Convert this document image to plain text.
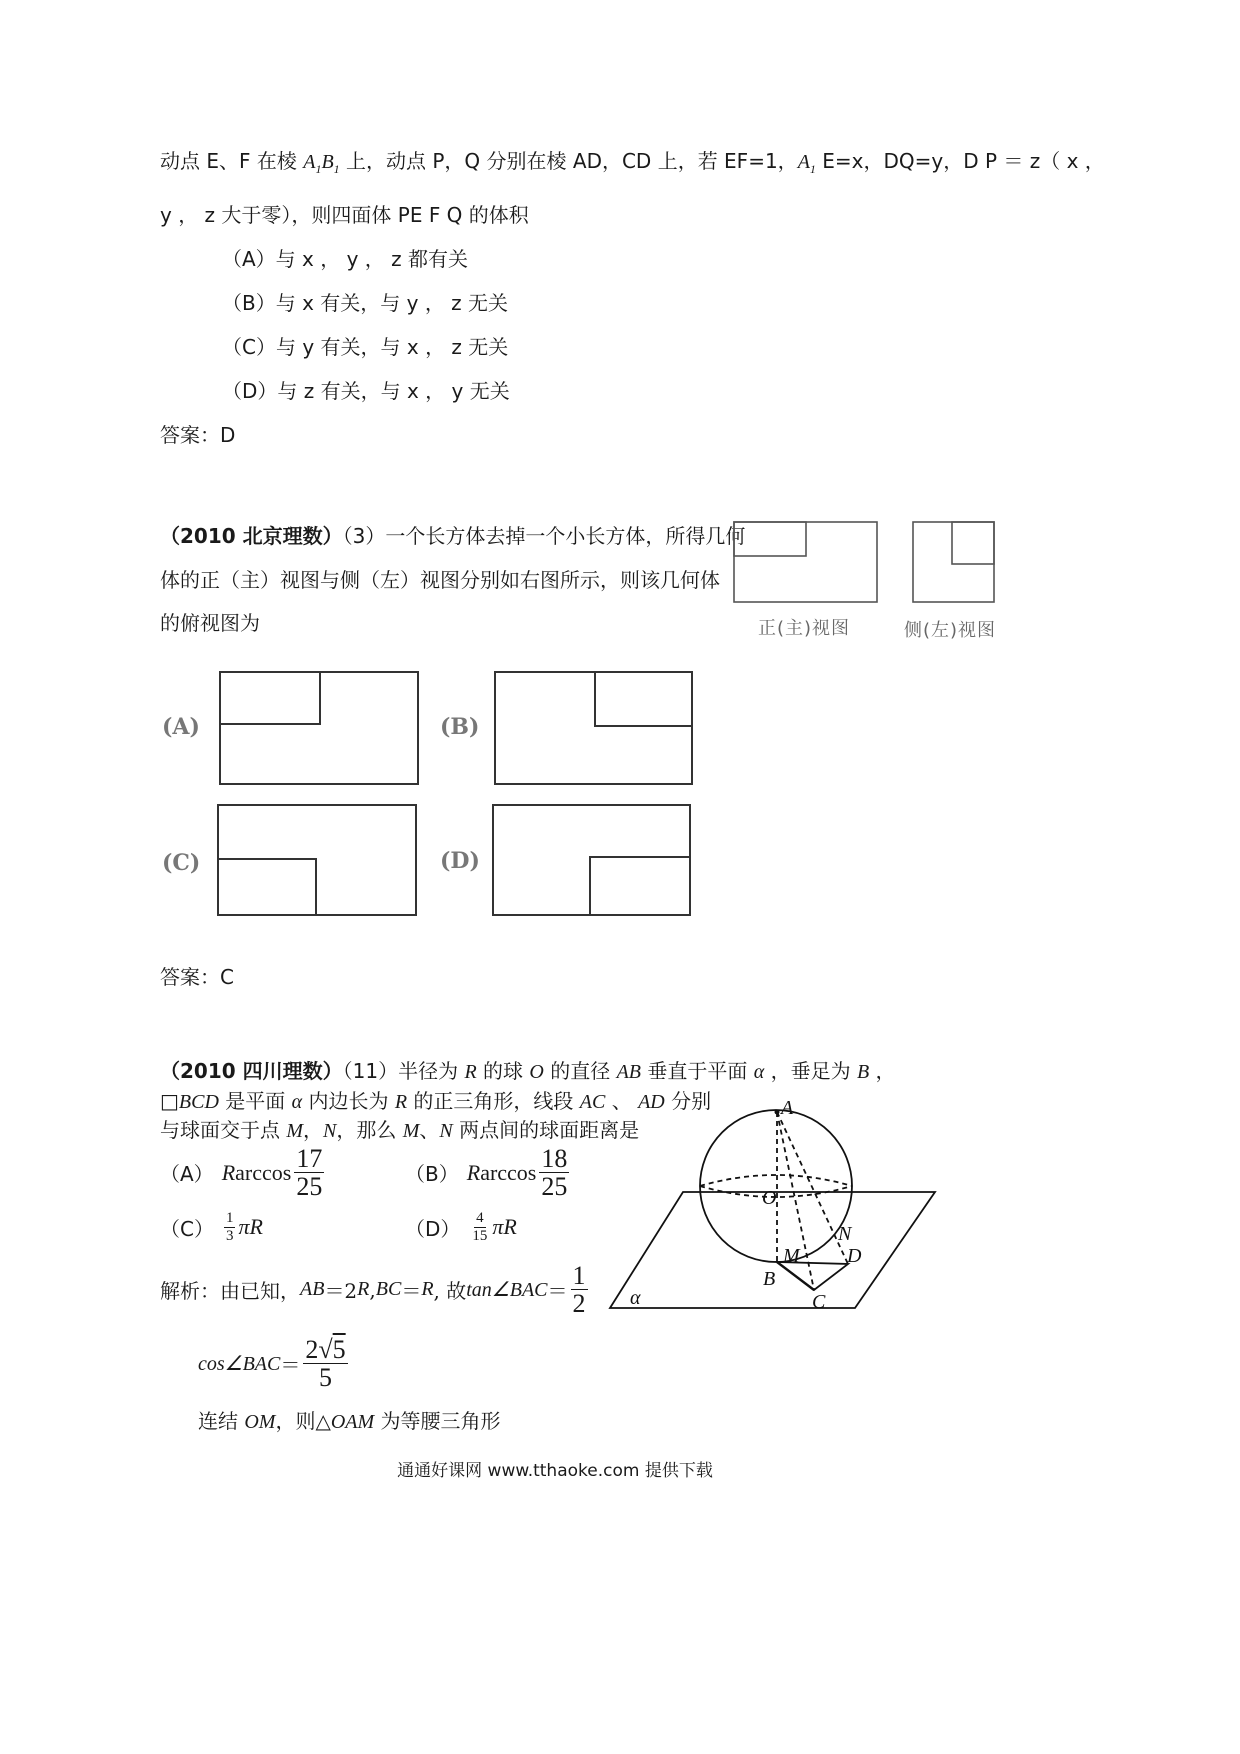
动点 E、F 在棱 $A_1B_1$ 上，动点 P，Q 分别在棱 AD，CD 上，若 EF=1，$A_1$ E=x，DQ=y，D P ＝ z（ x ，
y ， z 大于零），则四面体 PE F Q 的体积
（A）与 x ， y ， z 都有关
（B）与 x 有关，与 y ， z 无关
（C）与 y 有关，与 x ， z 无关
（D）与 z 有关，与 x ， y 无关
答案：D
（2010 北京理数）（3）一个长方体去掉一个小长方体，所得几何
体的正（主）视图与侧（左）视图分别如右图所示，则该几何体
的俯视图为	正(主)视图	侧(左)视图
(A)	(B)
(C)	(D)
答案：C
（2010 四川理数）（11）半径为 R 的球 O 的直径 AB 垂直于平面 α ，垂足为 B ，
□BCD 是平面 α 内边长为 R 的正三角形，线段 AC 、 AD 分别
与球面交于点 M，N，那么 M、N 两点间的球面距离是
（A） R $\arccos \frac{17}{25}$	（B） R $\arccos \frac{18}{25}$
$(C) \frac{1}{3}$ πR	$(D) \frac{4}{15}$ πR
解析：由已知， AB ＝2 R , BC ＝ R , 故 tan∠BAC ＝ $\frac{1}{2}$
cos∠BAC ＝ $\frac{2√5}{5}$
连结 OM，则△OAM 为等腰三角形
A
O
N
D
M
B
C
α
通通好课网 www.tthaoke.com 提供下载
